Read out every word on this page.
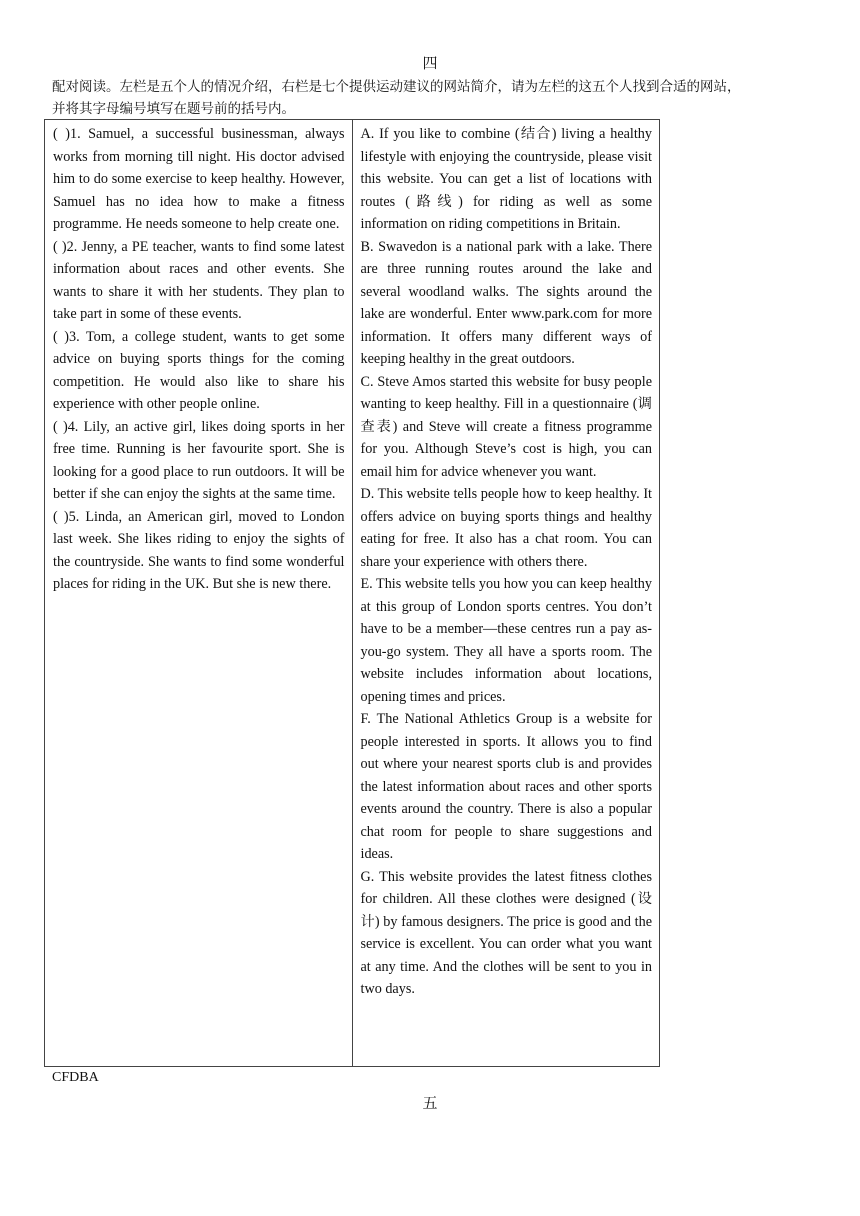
四
配对阅读。左栏是五个人的情况介绍，右栏是七个提供运动建议的网站简介，请为左栏的这五个人找到合适的网站，
并将其字母编号填写在题号前的括号内。

( )1. Samuel, a successful businessman, always works from morning till night. His doctor advised him to do some exercise to keep healthy. However, Samuel has no idea how to make a fitness programme. He needs someone to help create one.

( )2. Jenny, a PE teacher, wants to find some latest information about races and other events. She wants to share it with her students. They plan to take part in some of these events.

( )3. Tom, a college student, wants to get some advice on buying sports things for the coming competition. He would also like to share his experience with other people online.

( )4. Lily, an active girl, likes doing sports in her free time. Running is her favourite sport. She is looking for a good place to run outdoors. It will be better if she can enjoy the sights at the same time.

( )5. Linda, an American girl, moved to London last week. She likes riding to enjoy the sights of the countryside. She wants to find some wonderful places for riding in the UK. But she is new there.

A. If you like to combine (结合) living a healthy lifestyle with enjoying the countryside, please visit this website. You can get a list of locations with routes (路线) for riding as well as some information on riding competitions in Britain.

B. Swavedon is a national park with a lake. There are three running routes around the lake and several woodland walks. The sights around the lake are wonderful. Enter www.park.com for more information. It offers many different ways of keeping healthy in the great outdoors.

C. Steve Amos started this website for busy people wanting to keep healthy. Fill in a questionnaire (调查表) and Steve will create a fitness programme for you. Although Steve’s cost is high, you can email him for advice whenever you want.

D. This website tells people how to keep healthy. It offers advice on buying sports things and healthy eating for free. It also has a chat room. You can share your experience with others there.

E. This website tells you how you can keep healthy at this group of London sports centres. You don’t have to be a member—these centres run a pay as-you-go system. They all have a sports room. The website includes information about locations, opening times and prices.

F. The National Athletics Group is a website for people interested in sports. It allows you to find out where your nearest sports club is and provides the latest information about races and other sports events around the country. There is also a popular chat room for people to share suggestions and ideas.

G. This website provides the latest fitness clothes for children. All these clothes were designed (设计) by famous designers. The price is good and the service is excellent. You can order what you want at any time. And the clothes will be sent to you in two days.

CFDBA
五
